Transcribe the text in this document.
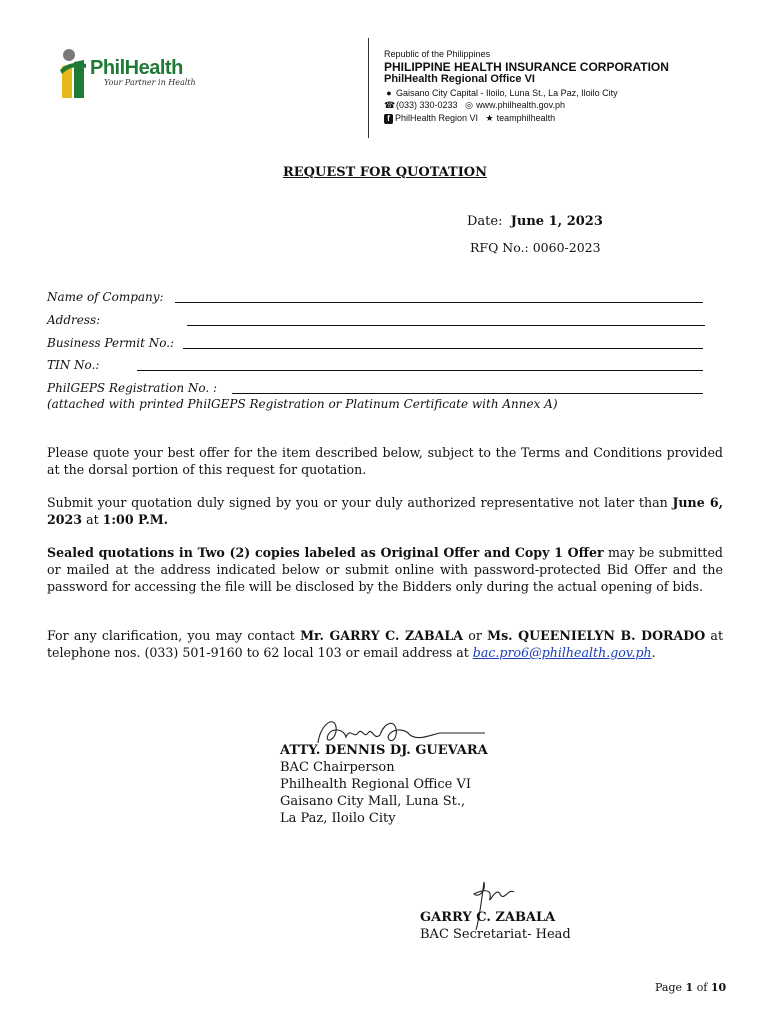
PhilHealth
Your Partner in Health
Republic of the Philippines
PHILIPPINE HEALTH INSURANCE CORPORATION
PhilHealth Regional Office VI
● Gaisano City Capital - Iloilo, Luna St., La Paz, Iloilo City
☎(033) 330-0233 ◎ www.philhealth.gov.ph
f PhilHealth Region VI ★ teamphilhealth
REQUEST FOR QUOTATION
Date: June 1, 2023
RFQ No.: 0060-2023
Name of Company:
Address:
Business Permit No.:
TIN No.:
PhilGEPS Registration No. :
(attached with printed PhilGEPS Registration or Platinum Certificate with Annex A)
Please quote your best offer for the item described below, subject to the Terms and Conditions provided at the dorsal portion of this request for quotation.
Submit your quotation duly signed by you or your duly authorized representative not later than June 6, 2023 at 1:00 P.M.
Sealed quotations in Two (2) copies labeled as Original Offer and Copy 1 Offer may be submitted or mailed at the address indicated below or submit online with password-protected Bid Offer and the password for accessing the file will be disclosed by the Bidders only during the actual opening of bids.
For any clarification, you may contact Mr. GARRY C. ZABALA or Ms. QUEENIELYN B. DORADO at telephone nos. (033) 501-9160 to 62 local 103 or email address at bac.pro6@philhealth.gov.ph.
ATTY. DENNIS DJ. GUEVARA
BAC Chairperson
Philhealth Regional Office VI
Gaisano City Mall, Luna St.,
La Paz, Iloilo City
GARRY C. ZABALA
BAC Secretariat- Head
Page 1 of 10
